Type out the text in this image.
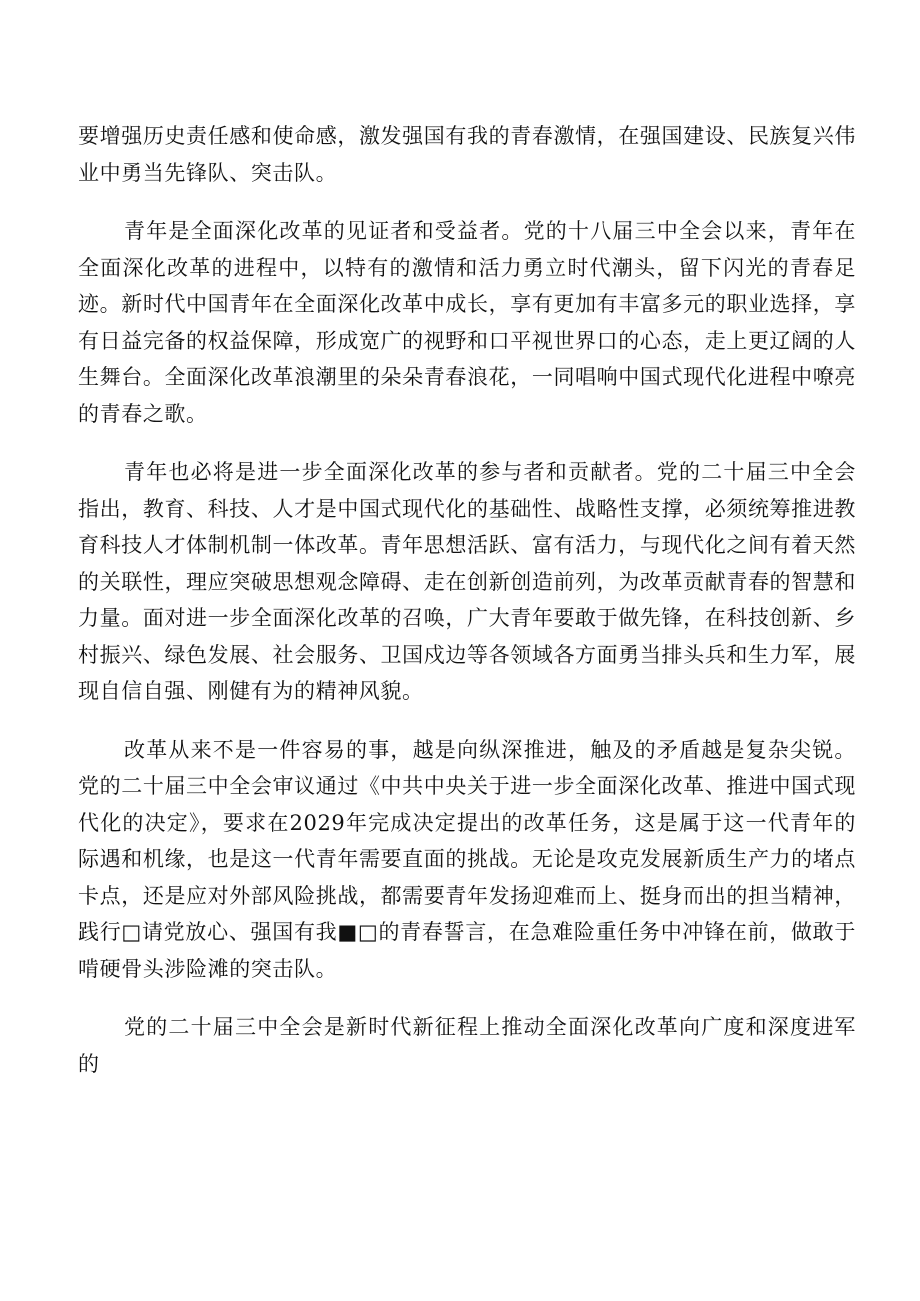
要增强历史责任感和使命感，激发强国有我的青春激情，在强国建设、民族复兴伟业中勇当先锋队、突击队。

青年是全面深化改革的见证者和受益者。党的十八届三中全会以来，青年在全面深化改革的进程中，以特有的激情和活力勇立时代潮头，留下闪光的青春足迹。新时代中国青年在全面深化改革中成长，享有更加有丰富多元的职业选择，享有日益完备的权益保障，形成宽广的视野和口平视世界口的心态，走上更辽阔的人生舞台。全面深化改革浪潮里的朵朵青春浪花，一同唱响中国式现代化进程中嘹亮的青春之歌。

青年也必将是进一步全面深化改革的参与者和贡献者。党的二十届三中全会指出，教育、科技、人才是中国式现代化的基础性、战略性支撑，必须统筹推进教育科技人才体制机制一体改革。青年思想活跃、富有活力，与现代化之间有着天然的关联性，理应突破思想观念障碍、走在创新创造前列，为改革贡献青春的智慧和力量。面对进一步全面深化改革的召唤，广大青年要敢于做先锋，在科技创新、乡村振兴、绿色发展、社会服务、卫国戍边等各领域各方面勇当排头兵和生力军，展现自信自强、刚健有为的精神风貌。

改革从来不是一件容易的事，越是向纵深推进，触及的矛盾越是复杂尖锐。党的二十届三中全会审议通过《中共中央关于进一步全面深化改革、推进中国式现代化的决定》，要求在2029年完成决定提出的改革任务，这是属于这一代青年的际遇和机缘，也是这一代青年需要直面的挑战。无论是攻克发展新质生产力的堵点卡点，还是应对外部风险挑战，都需要青年发扬迎难而上、挺身而出的担当精神，践行□请党放心、强国有我■□的青春誓言，在急难险重任务中冲锋在前，做敢于啃硬骨头涉险滩的突击队。

党的二十届三中全会是新时代新征程上推动全面深化改革向广度和深度进军的
